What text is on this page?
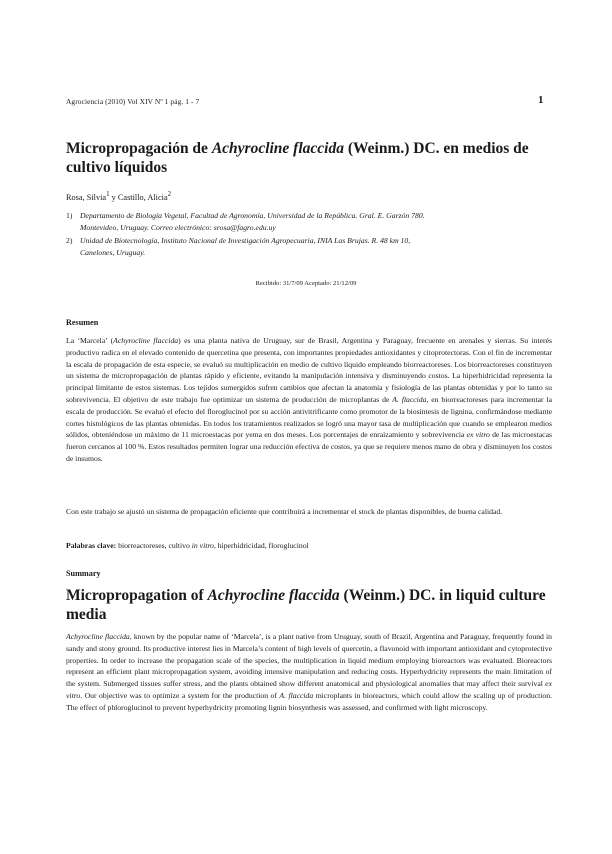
Agrociencia (2010) Vol XIV Nº 1 pág. 1 - 7	1
Micropropagación de Achyrocline flaccida (Weinm.) DC. en medios de cultivo líquidos
Rosa, Silvia$^1$ y Castillo, Alicia$^2$
1) Departamento de Biología Vegetal, Facultad de Agronomía, Universidad de la República. Gral. E. Garzón 780.
Montevideo, Uruguay. Correo electrónico: srosa@fagro.edu.uy
2) Unidad de Biotecnología, Instituto Nacional de Investigación Agropecuaria, INIA Las Brujas. R. 48 km 10,
Canelones, Uruguay.
Recibido: 31/7/09 Aceptado: 21/12/09
Resumen
La ‘Marcela’ (Achyrocline flaccida) es una planta nativa de Uruguay, sur de Brasil, Argentina y Paraguay, frecuente en arenales y sierras. Su interés productivo radica en el elevado contenido de quercetina que presenta, con importantes propiedades antioxidantes y citoprotectoras. Con el fin de incrementar la escala de propagación de esta especie, se evaluó su multiplicación en medio de cultivo líquido empleando biorreactoreses. Los biorreactoreses constituyen un sistema de micropropagación de plantas rápido y eficiente, evitando la manipulación intensiva y disminuyendo costos. La hiperhidricidad representa la principal limitante de estos sistemas. Los tejidos sumergidos sufren cambios que afectan la anatomía y fisiología de las plantas obtenidas y por lo tanto su sobrevivencia. El objetivo de este trabajo fue optimizar un sistema de producción de microplantas de A. flaccida, en biorreactoreses para incrementar la escala de producción. Se evaluó el efecto del floroglucinol por su acción antivitrificante como promotor de la biosíntesis de lignina, confirmándose mediante cortes histológicos de las plantas obtenidas. En todos los tratamientos realizados se logró una mayor tasa de multiplicación que cuando se emplearon medios sólidos, obteniéndose un máximo de 11 microestacas por yema en dos meses. Los porcentajes de enraizamiento y sobrevivencia ex vitro de las microestacas fueron cercanos al 100 %. Estos resultados permiten lograr una reducción efectiva de costos, ya que se requiere menos mano de obra y disminuyen los costos de insumos.
Con este trabajo se ajustó un sistema de propagación eficiente que contribuirá a incrementar el stock de plantas disponibles, de buena calidad.
Palabras clave: biorreactoreses, cultivo in vitro, hiperhidricidad, floroglucinol
Summary
Micropropagation of Achyrocline flaccida (Weinm.) DC. in liquid culture media
Achyrocline flaccida, known by the popular name of ‘Marcela’, is a plant native from Uruguay, south of Brazil, Argentina and Paraguay, frequently found in sandy and stony ground. Its productive interest lies in Marcela’s content of high levels of quercetin, a flavonoid with important antioxidant and cytoprotective properties. In order to increase the propagation scale of the species, the multiplication in liquid medium employing bioreactors was evaluated. Bioreactors represent an efficient plant micropropagation system, avoiding intensive manipulation and reducing costs. Hyperhydricity represents the main limitation of the system. Submerged tissues suffer stress, and the plants obtained show different anatomical and physiological anomalies that may affect their survival ex vitro. Our objective was to optimize a system for the production of A. flaccida microplants in bioreactors, which could allow the scaling up of production. The effect of phloroglucinol to prevent hyperhydricity promoting lignin biosynthesis was assessed, and confirmed with light microscopy.
